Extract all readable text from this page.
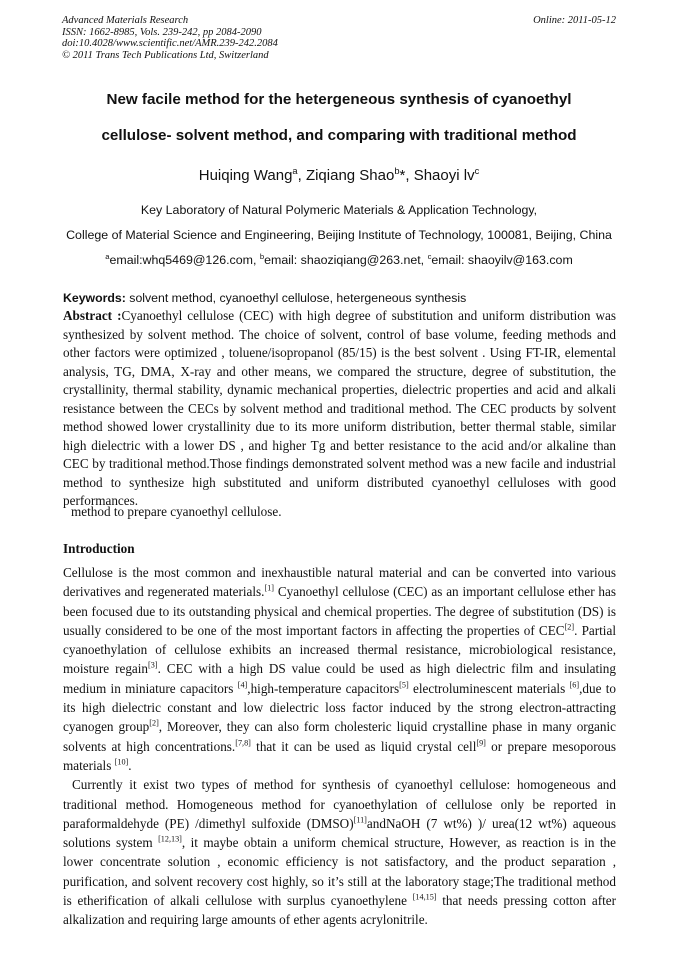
Advanced Materials Research
ISSN: 1662-8985, Vols. 239-242, pp 2084-2090
doi:10.4028/www.scientific.net/AMR.239-242.2084
© 2011 Trans Tech Publications Ltd, Switzerland
Online: 2011-05-12
New facile method for the hetergeneous synthesis of cyanoethyl
cellulose- solvent method, and comparing with traditional method
Huiqing Wang$^a$, Ziqiang Shao$^b$*, Shaoyi $lv^c$
Key Laboratory of Natural Polymeric Materials & Application Technology,
College of Material Science and Engineering, Beijing Institute of Technology, 100081, Beijing, China
$^a$email:whq5469@126.com, $^b$email: shaoziqiang@263.net, $^c$email: shaoyilv@163.com
Keywords: solvent method, cyanoethyl cellulose, hetergeneous synthesis
Abstract :Cyanoethyl cellulose (CEC) with high degree of substitution and uniform distribution was synthesized by solvent method. The choice of solvent, control of base volume, feeding methods and other factors were optimized , toluene/isopropanol (85/15) is the best solvent . Using FT-IR, elemental analysis, TG, DMA, X-ray and other means, we compared the structure, degree of substitution, the crystallinity, thermal stability, dynamic mechanical properties, dielectric properties and acid and alkali resistance between the CECs by solvent method and traditional method. The CEC products by solvent method showed lower crystallinity due to its more uniform distribution, better thermal stable, similar high dielectric with a lower DS , and higher Tg and better resistance to the acid and/or alkaline than CEC by traditional method.Those findings demonstrated solvent method was a new facile and industrial method to synthesize high substituted and uniform distributed cyanoethyl celluloses with good performances.
method to prepare cyanoethyl cellulose.
Introduction

Cellulose is the most common and inexhaustible natural material and can be converted into various derivatives and regenerated materials.[1] Cyanoethyl cellulose (CEC) as an important cellulose ether has been focused due to its outstanding physical and chemical properties. The degree of substitution (DS) is usually considered to be one of the most important factors in affecting the properties of CEC[2]. Partial cyanoethylation of cellulose exhibits an increased thermal resistance, microbiological resistance, moisture regain[3]. CEC with a high DS value could be used as high dielectric film and insulating medium in miniature capacitors [4],high-temperature capacitors[5] electroluminescent materials [6],due to its high dielectric constant and low dielectric loss factor induced by the strong electron-attracting cyanogen group[2], Moreover, they can also form cholesteric liquid crystalline phase in many organic solvents at high concentrations.[7,8] that it can be used as liquid crystal cell[9] or prepare mesoporous materials [10].

Currently it exist two types of method for synthesis of cyanoethyl cellulose: homogeneous and traditional method. Homogeneous method for cyanoethylation of cellulose only be reported in paraformaldehyde (PE) /dimethyl sulfoxide (DMSO)[11]andNaOH (7 wt%) )/ urea(12 wt%) aqueous solutions system [12,13], it maybe obtain a uniform chemical structure, However, as reaction is in the lower concentrate solution , economic efficiency is not satisfactory, and the product separation , purification, and solvent recovery cost highly, so it’s still at the laboratory stage;The traditional method is etherification of alkali cellulose with surplus cyanoethylene [14,15] that needs pressing cotton after alkalization and requiring large amounts of ether agents acrylonitrile.
